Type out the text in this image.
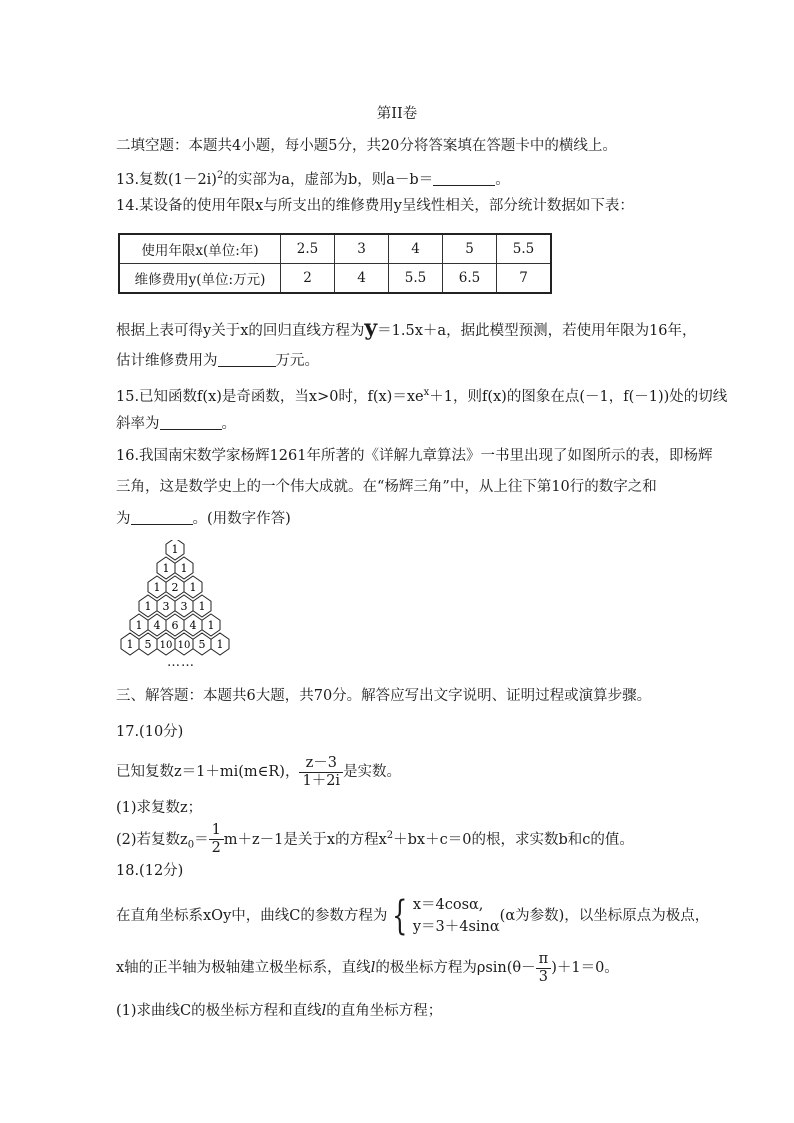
第II卷
二填空题：本题共4小题，每小题5分，共20分将答案填在答题卡中的横线上。
13.复数$(1-2i)^2$的实部为a，虚部为b，则a－b＝	。
14.某设备的使用年限x与所支出的维修费用y呈线性相关，部分统计数据如下表：
使用年限x(单位:年)	2.5	3	4	5	5.5
维修费用y(单位:万元)	2	4	5.5	6.5	7
根据上表可得y关于x的回归直线方程为y＝1.5x＋a，据此模型预测，若使用年限为16年，
估计维修费用为	万元。
15.已知函数f(x)是奇函数，当x>0时，$f(x)=xe^x+1$，则f(x)的图象在点(－1，f(－1))处的切线
斜率为	。
16.我国南宋数学家杨辉1261年所著的《详解九章算法》一书里出现了如图所示的表，即杨辉
三角，这是数学史上的一个伟大成就。在“杨辉三角”中，从上往下第10行的数字之和
为	。(用数字作答)
1
1 1
1 2 1
1 3 3 1
1 4 6 4 1
1 5 10 10 5 1
……
三、解答题：本题共6大题，共70分。解答应写出文字说明、证明过程或演算步骤。
17.(10分)
已知复数z＝1＋mi(m∈R)， $\frac{z-3}{1+2i}$ 是实数。
(1)求复数z；
(2)若复数$z_0= \frac{1}{2} m+z-1$是关于x的方程$x^2+bx+c=0$的根，求实数b和c的值。
18.(12分)
在直角坐标系xOy中，曲线C的参数方程为 { x＝4cosα,
y＝3＋4sinα
(α为参数)，以坐标原点为极点，
x轴的正半轴为极轴建立极坐标系，直线l的极坐标方程为$\rho\sin(\theta- \frac{\pi}{3} )+1=0$。
(1)求曲线C的极坐标方程和直线l的直角坐标方程；
